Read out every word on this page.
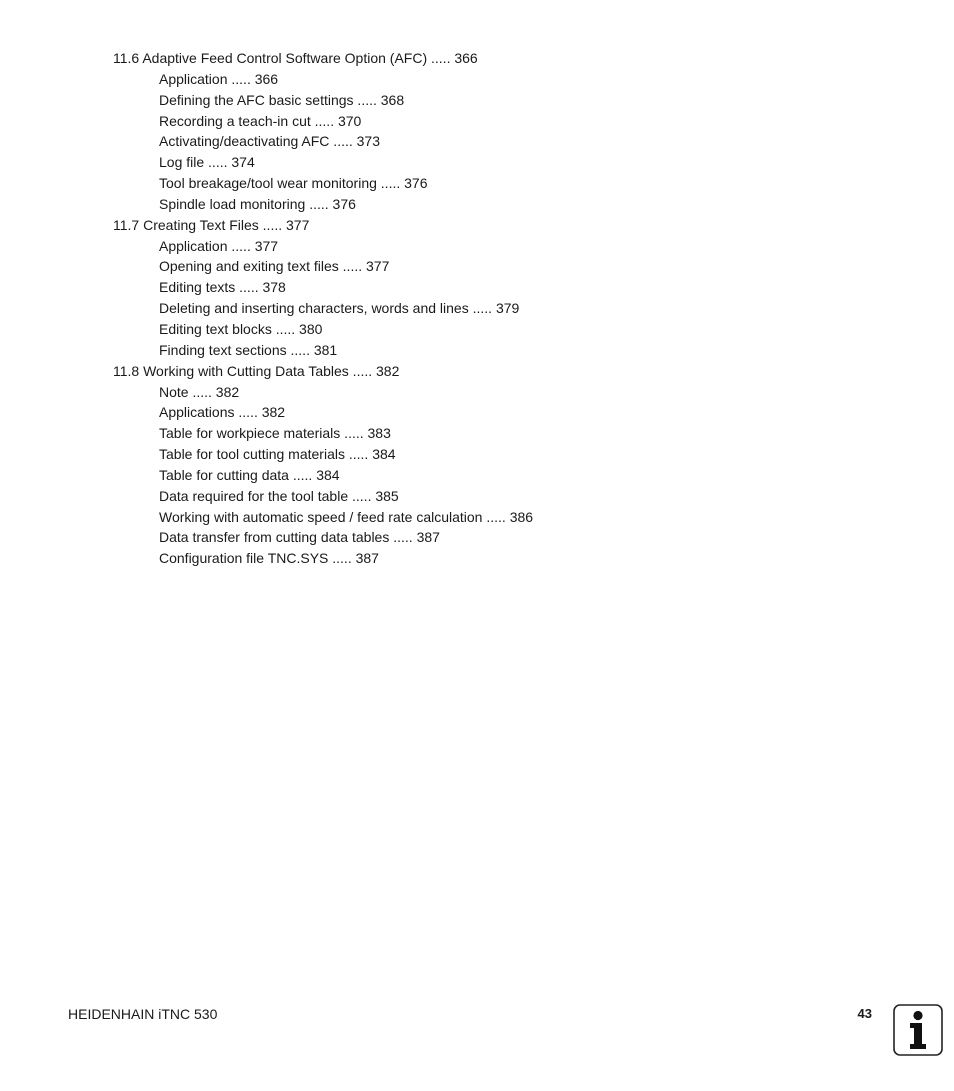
11.6 Adaptive Feed Control Software Option (AFC) ..... 366
Application ..... 366
Defining the AFC basic settings ..... 368
Recording a teach-in cut ..... 370
Activating/deactivating AFC ..... 373
Log file ..... 374
Tool breakage/tool wear monitoring ..... 376
Spindle load monitoring ..... 376
11.7 Creating Text Files ..... 377
Application ..... 377
Opening and exiting text files ..... 377
Editing texts ..... 378
Deleting and inserting characters, words and lines ..... 379
Editing text blocks ..... 380
Finding text sections ..... 381
11.8 Working with Cutting Data Tables ..... 382
Note ..... 382
Applications ..... 382
Table for workpiece materials ..... 383
Table for tool cutting materials ..... 384
Table for cutting data ..... 384
Data required for the tool table ..... 385
Working with automatic speed / feed rate calculation ..... 386
Data transfer from cutting data tables ..... 387
Configuration file TNC.SYS ..... 387
HEIDENHAIN iTNC 530	43
